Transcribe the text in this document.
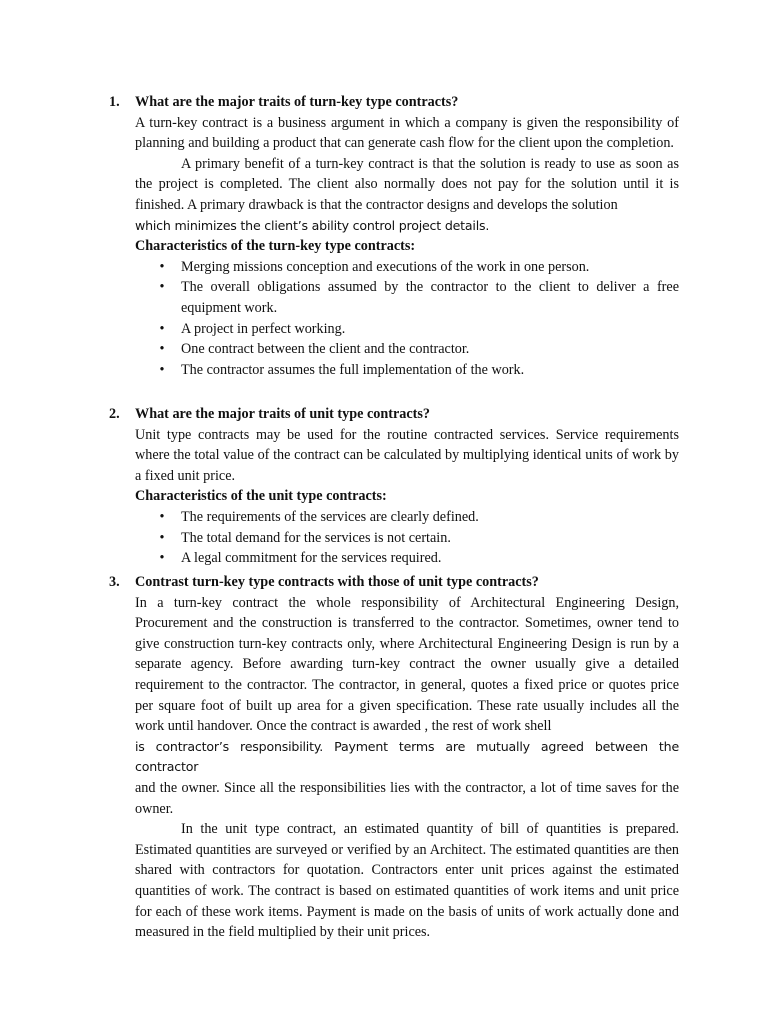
1.	What are the major traits of turn-key type contracts?

A turn-key contract is a business argument in which a company is given the responsibility of planning and building a product that can generate cash flow for the client upon the completion.

A primary benefit of a turn-key contract is that the solution is ready to use as soon as the project is completed. The client also normally does not pay for the solution until it is finished. A primary drawback is that the contractor designs and develops the solution

which minimizes the client’s ability control project details.

Characteristics of the turn-key type contracts:

• Merging missions conception and executions of the work in one person.
• The overall obligations assumed by the contractor to the client to deliver a free equipment work.
• A project in perfect working.
• One contract between the client and the contractor.
• The contractor assumes the full implementation of the work.
2.	What are the major traits of unit type contracts?

Unit type contracts may be used for the routine contracted services. Service requirements where the total value of the contract can be calculated by multiplying identical units of work by a fixed unit price.

Characteristics of the unit type contracts:

• The requirements of the services are clearly defined.
• The total demand for the services is not certain.
• A legal commitment for the services required.
3.	Contrast turn-key type contracts with those of unit type contracts?

In a turn-key contract the whole responsibility of Architectural Engineering Design, Procurement and the construction is transferred to the contractor. Sometimes, owner tend to give construction turn-key contracts only, where Architectural Engineering Design is run by a separate agency. Before awarding turn-key contract the owner usually give a detailed requirement to the contractor. The contractor, in general, quotes a fixed price or quotes price per square foot of built up area for a given specification. These rate usually includes all the work until handover. Once the contract is awarded , the rest of work shell

is contractor’s responsibility. Payment terms are mutually agreed between the contractor

and the owner. Since all the responsibilities lies with the contractor, a lot of time saves for the owner.

In the unit type contract, an estimated quantity of bill of quantities is prepared. Estimated quantities are surveyed or verified by an Architect. The estimated quantities are then shared with contractors for quotation. Contractors enter unit prices against the estimated quantities of work. The contract is based on estimated quantities of work items and unit price for each of these work items. Payment is made on the basis of units of work actually done and measured in the field multiplied by their unit prices.
